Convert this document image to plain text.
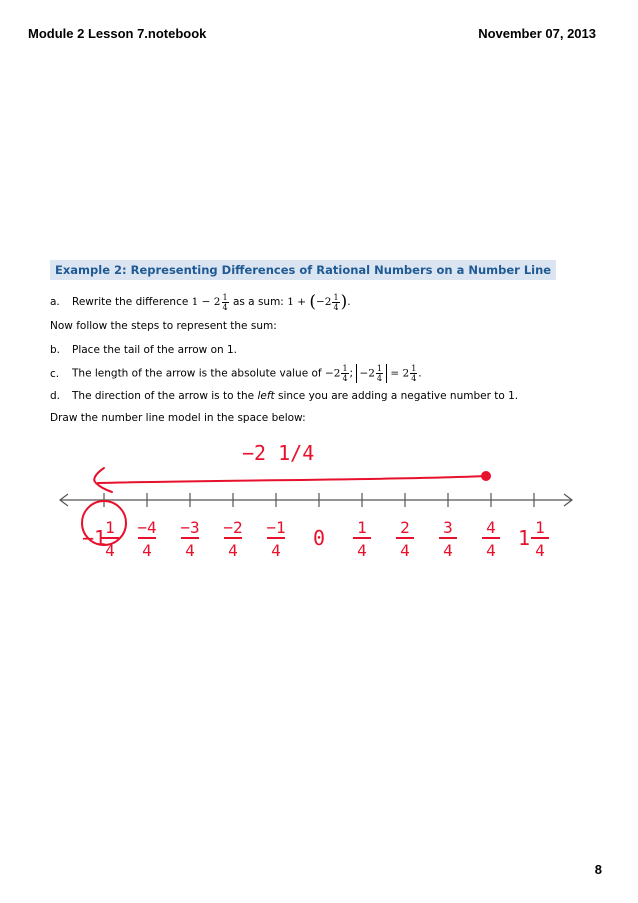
Module 2 Lesson 7.notebook	November 07, 2013
Example 2: Representing Differences of Rational Numbers on a Number Line
a. Rewrite the difference $1 - 2 \frac{1}{4}$ as a sum: $1 + (-2 \frac{1}{4}$ ).
Now follow the steps to represent the sum:
b. Place the tail of the arrow on 1.
c. The length of the arrow is the absolute value of $-2 \frac{1}{4}$ ; $-2 \frac{1}{4} = 2 \frac{1}{4}$ .
d. The direction of the arrow is to the left since you are adding a negative number to 1.
Draw the number line model in the space below:
−2 1/4
−1 1
4
−4
4
−3
4
−2
4
−1
4
0 1
4
2
4
3
4
4
4
1 1
4
8
